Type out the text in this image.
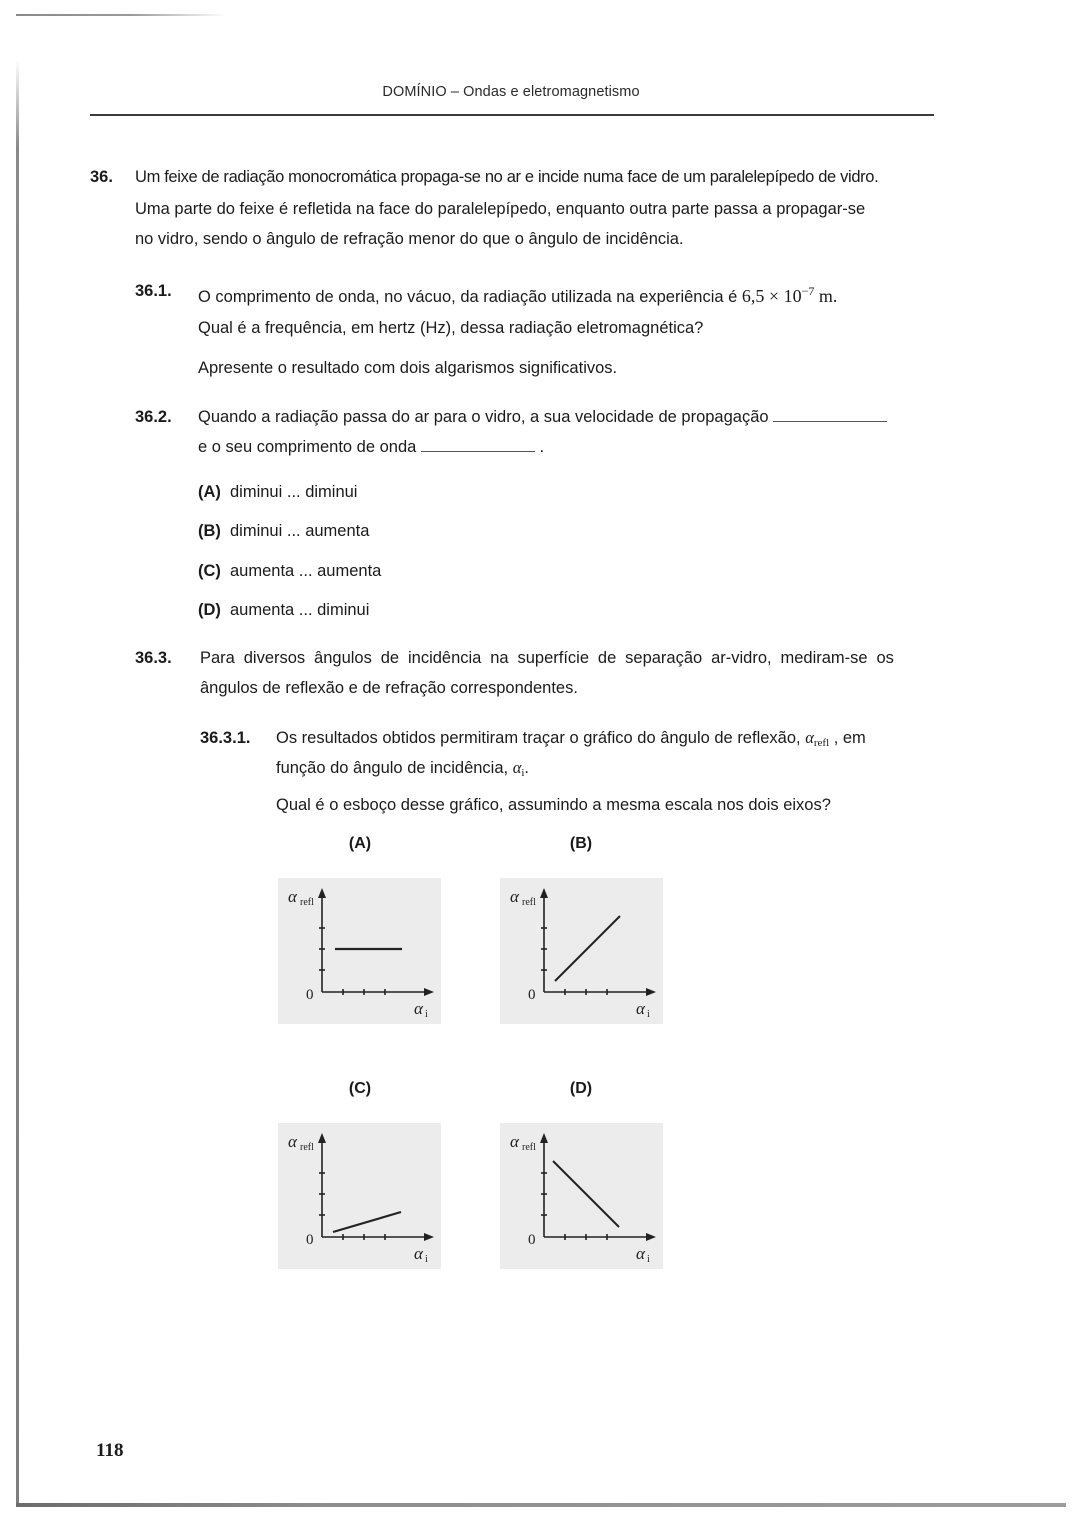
DOMÍNIO – Ondas e eletromagnetismo
36. Um feixe de radiação monocromática propaga-se no ar e incide numa face de um paralelepípedo de vidro.
Uma parte do feixe é refletida na face do paralelepípedo, enquanto outra parte passa a propagar-se
no vidro, sendo o ângulo de refração menor do que o ângulo de incidência.
36.1. O comprimento de onda, no vácuo, da radiação utilizada na experiência é $6,5 \times 10^{-7}$ m.
Qual é a frequência, em hertz (Hz), dessa radiação eletromagnética?
Apresente o resultado com dois algarismos significativos.
36.2. Quando a radiação passa do ar para o vidro, a sua velocidade de propagação
e o seu comprimento de onda	.
(A) diminui ... diminui
(B) diminui ... aumenta
(C) aumenta ... aumenta
(D) aumenta ... diminui
36.3. Para diversos ângulos de incidência na superfície de separação ar-vidro, mediram-se os
ângulos de reflexão e de refração correspondentes.
36.3.1. Os resultados obtidos permitiram traçar o gráfico do ângulo de reflexão, $\alpha_{refl}$ , em
função do ângulo de incidência, $\alpha_i$.
Qual é o esboço desse gráfico, assumindo a mesma escala nos dois eixos?
(A)	(B)
(C)	(D)
α refl
0
α i
α refl
0
α i
α refl
0
α i
α refl
0
α i
118
